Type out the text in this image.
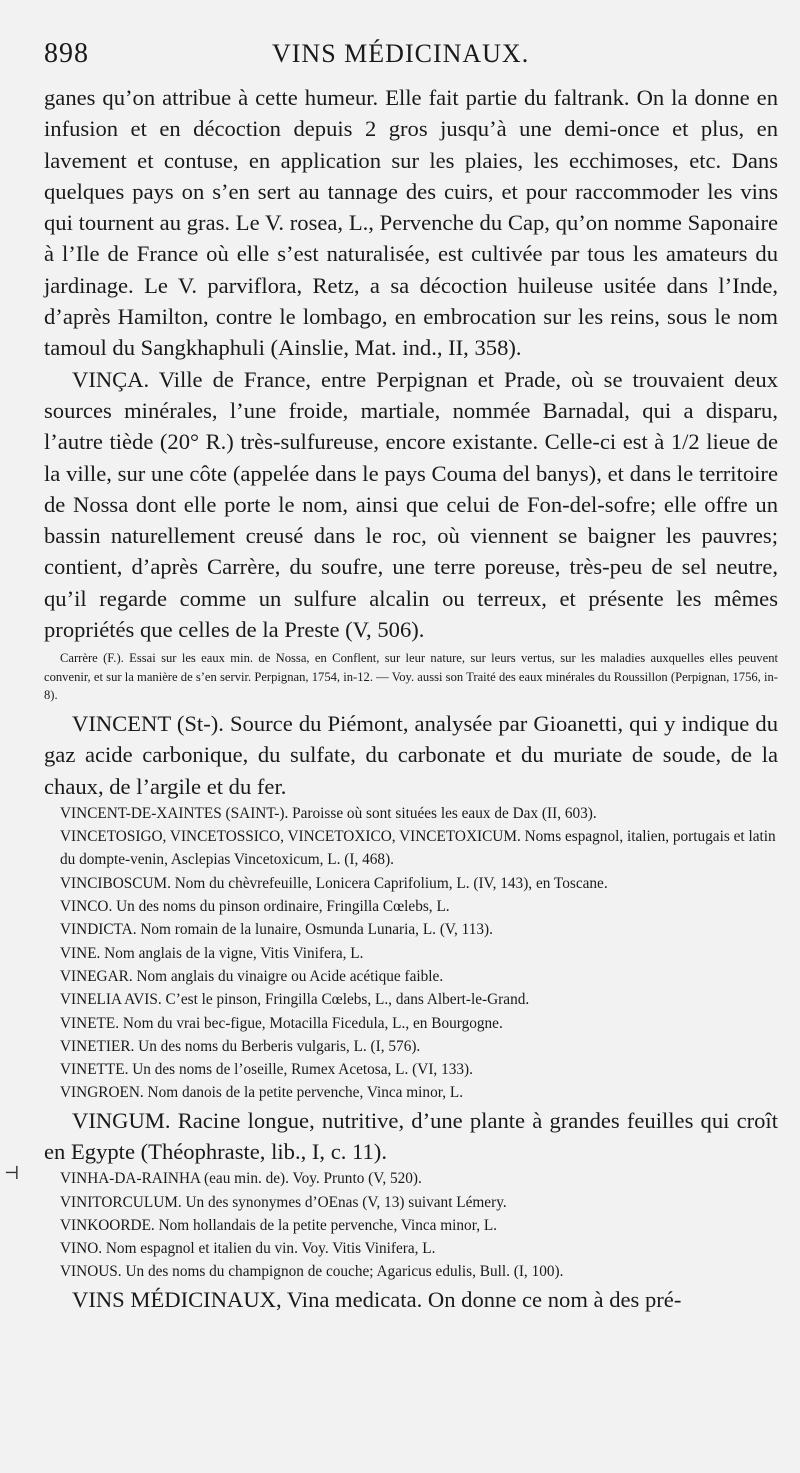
898	VINS MÉDICINAUX.

ganes qu’on attribue à cette humeur. Elle fait partie du faltrank. On la donne en infusion et en décoction depuis 2 gros jusqu’à une demi-once et plus, en lavement et contuse, en application sur les plaies, les ecchimoses, etc. Dans quelques pays on s’en sert au tannage des cuirs, et pour raccommoder les vins qui tournent au gras. Le V. rosea, L., Pervenche du Cap, qu’on nomme Saponaire à l’Ile de France où elle s’est naturalisée, est cultivée par tous les amateurs du jardinage. Le V. parviflora, Retz, a sa décoction huileuse usitée dans l’Inde, d’après Hamilton, contre le lombago, en embrocation sur les reins, sous le nom tamoul du Sangkhaphuli (Ainslie, Mat. ind., II, 358).

VINÇA. Ville de France, entre Perpignan et Prade, où se trouvaient deux sources minérales, l’une froide, martiale, nommée Barnadal, qui a disparu, l’autre tiède (20° R.) très-sulfureuse, encore existante. Celle-ci est à 1/2 lieue de la ville, sur une côte (appelée dans le pays Couma del banys), et dans le territoire de Nossa dont elle porte le nom, ainsi que celui de Fon-del-sofre; elle offre un bassin naturellement creusé dans le roc, où viennent se baigner les pauvres; contient, d’après Carrère, du soufre, une terre poreuse, très-peu de sel neutre, qu’il regarde comme un sulfure alcalin ou terreux, et présente les mêmes propriétés que celles de la Preste (V, 506).

Carrère (F.). Essai sur les eaux min. de Nossa, en Conflent, sur leur nature, sur leurs vertus, sur les maladies auxquelles elles peuvent convenir, et sur la manière de s’en servir. Perpignan, 1754, in-12. — Voy. aussi son Traité des eaux minérales du Roussillon (Perpignan, 1756, in-8).

VINCENT (St-). Source du Piémont, analysée par Gioanetti, qui y indique du gaz acide carbonique, du sulfate, du carbonate et du muriate de soude, de la chaux, de l’argile et du fer.

VINCENT-DE-XAINTES (SAINT-). Paroisse où sont situées les eaux de Dax (II, 603).

VINCETOSIGO, VINCETOSSICO, VINCETOXICO, VINCETOXICUM. Noms espagnol, italien, portugais et latin du dompte-venin, Asclepias Vincetoxicum, L. (I, 468).

VINCIBOSCUM. Nom du chèvrefeuille, Lonicera Caprifolium, L. (IV, 143), en Toscane.

VINCO. Un des noms du pinson ordinaire, Fringilla Cœlebs, L.

VINDICTA. Nom romain de la lunaire, Osmunda Lunaria, L. (V, 113).

VINE. Nom anglais de la vigne, Vitis Vinifera, L.

VINEGAR. Nom anglais du vinaigre ou Acide acétique faible.

VINELIA AVIS. C’est le pinson, Fringilla Cœlebs, L., dans Albert-le-Grand.

VINETE. Nom du vrai bec-figue, Motacilla Ficedula, L., en Bourgogne.

VINETIER. Un des noms du Berberis vulgaris, L. (I, 576).

VINETTE. Un des noms de l’oseille, Rumex Acetosa, L. (VI, 133).

VINGROEN. Nom danois de la petite pervenche, Vinca minor, L.

VINGUM. Racine longue, nutritive, d’une plante à grandes feuilles qui croît en Egypte (Théophraste, lib., I, c. 11).

VINHA-DA-RAINHA (eau min. de). Voy. Prunto (V, 520).

VINITORCULUM. Un des synonymes d’OEnas (V, 13) suivant Lémery.

VINKOORDE. Nom hollandais de la petite pervenche, Vinca minor, L.

VINO. Nom espagnol et italien du vin. Voy. Vitis Vinifera, L.

VINOUS. Un des noms du champignon de couche; Agaricus edulis, Bull. (I, 100).

VINS MÉDICINAUX, Vina medicata. On donne ce nom à des pré-

⊣
